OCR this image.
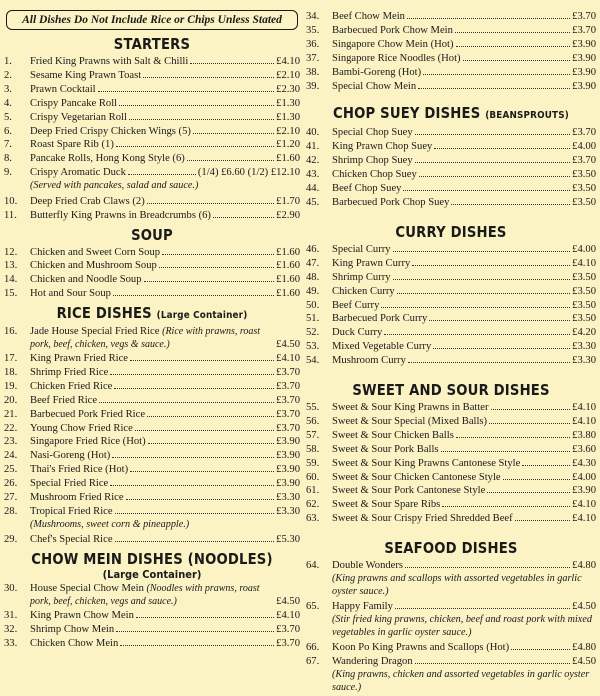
All Dishes Do Not Include Rice or Chips Unless Stated
STARTERS
1.	Fried King Prawns with Salt & Chilli	£4.10
2.	Sesame King Prawn Toast	£2.10
3.	Prawn Cocktail	£2.30
4.	Crispy Pancake Roll	£1.30
5.	Crispy Vegetarian Roll	£1.30
6.	Deep Fried Crispy Chicken Wings (5)	£2.10
7.	Roast Spare Rib (1)	£1.20
8.	Pancake Rolls, Hong Kong Style (6)	£1.60
9.	Crispy Aromatic Duck	(1/4) £6.60 (1/2) £12.10
(Served with pancakes, salad and sauce.)
10.	Deep Fried Crab Claws (2)	£1.70
11.	Butterfly King Prawns in Breadcrumbs (6)	£2.90
SOUP
12.	Chicken and Sweet Corn Soup	£1.60
13.	Chicken and Mushroom Soup	£1.60
14.	Chicken and Noodle Soup	£1.60
15.	Hot and Sour Soup	£1.60
RICE DISHES (Large Container)
16.	Jade House Special Fried Rice (Rice with prawns, roast pork, beef, chicken, vegs & sauce.)	£4.50
17.	King Prawn Fried Rice	£4.10
18.	Shrimp Fried Rice	£3.70
19.	Chicken Fried Rice	£3.70
20.	Beef Fried Rice	£3.70
21.	Barbecued Pork Fried Rice	£3.70
22.	Young Chow Fried Rice	£3.70
23.	Singapore Fried Rice (Hot)	£3.90
24.	Nasi-Goreng (Hot)	£3.90
25.	Thai's Fried Rice (Hot)	£3.90
26.	Special Fried Rice	£3.90
27.	Mushroom Fried Rice	£3.30
28.	Tropical Fried Rice	£3.30
(Mushrooms, sweet corn & pineapple.)
29.	Chef's Special Rice	£5.30
CHOW MEIN DISHES (NOODLES)
(Large Container)
30.	House Special Chow Mein (Noodles with prawns, roast pork, beef, chicken, vegs and sauce.)	£4.50
31.	King Prawn Chow Mein	£4.10
32.	Shrimp Chow Mein	£3.70
33.	Chicken Chow Mein	£3.70
34.	Beef Chow Mein	£3.70
35.	Barbecued Pork Chow Mein	£3.70
36.	Singapore Chow Mein (Hot)	£3.90
37.	Singapore Rice Noodles (Hot)	£3.90
38.	Bambi-Goreng (Hot)	£3.90
39.	Special Chow Mein	£3.90
CHOP SUEY DISHES (BEANSPROUTS)
40.	Special Chop Suey	£3.70
41.	King Prawn Chop Suey	£4.00
42.	Shrimp Chop Suey	£3.70
43.	Chicken Chop Suey	£3.50
44.	Beef Chop Suey	£3.50
45.	Barbecued Pork Chop Suey	£3.50
CURRY DISHES
46.	Special Curry	£4.00
47.	King Prawn Curry	£4.10
48.	Shrimp Curry	£3.50
49.	Chicken Curry	£3.50
50.	Beef Curry	£3.50
51.	Barbecued Pork Curry	£3.50
52.	Duck Curry	£4.20
53.	Mixed Vegetable Curry	£3.30
54.	Mushroom Curry	£3.30
SWEET AND SOUR DISHES
55.	Sweet & Sour King Prawns in Batter	£4.10
56.	Sweet & Sour Special (Mixed Balls)	£4.10
57.	Sweet & Sour Chicken Balls	£3.80
58.	Sweet & Sour Pork Balls	£3.60
59.	Sweet & Sour King Prawns Cantonese Style	£4.30
60.	Sweet & Sour Chicken Cantonese Style	£4.00
61.	Sweet & Sour Pork Cantonese Style	£3.90
62.	Sweet & Sour Spare Ribs	£4.10
63.	Sweet & Sour Crispy Fried Shredded Beef	£4.10
SEAFOOD DISHES
64.	Double Wonders	£4.80
(King prawns and scallops with assorted vegetables in garlic oyster sauce.)
65.	Happy Family	£4.50
(Stir fried king prawns, chicken, beef and roast pork with mixed vegetables in garlic oyster sauce.)
66.	Koon Po King Prawns and Scallops (Hot)	£4.80
67.	Wandering Dragon	£4.50
(King prawns, chicken and assorted vegetables in garlic oyster sauce.)
